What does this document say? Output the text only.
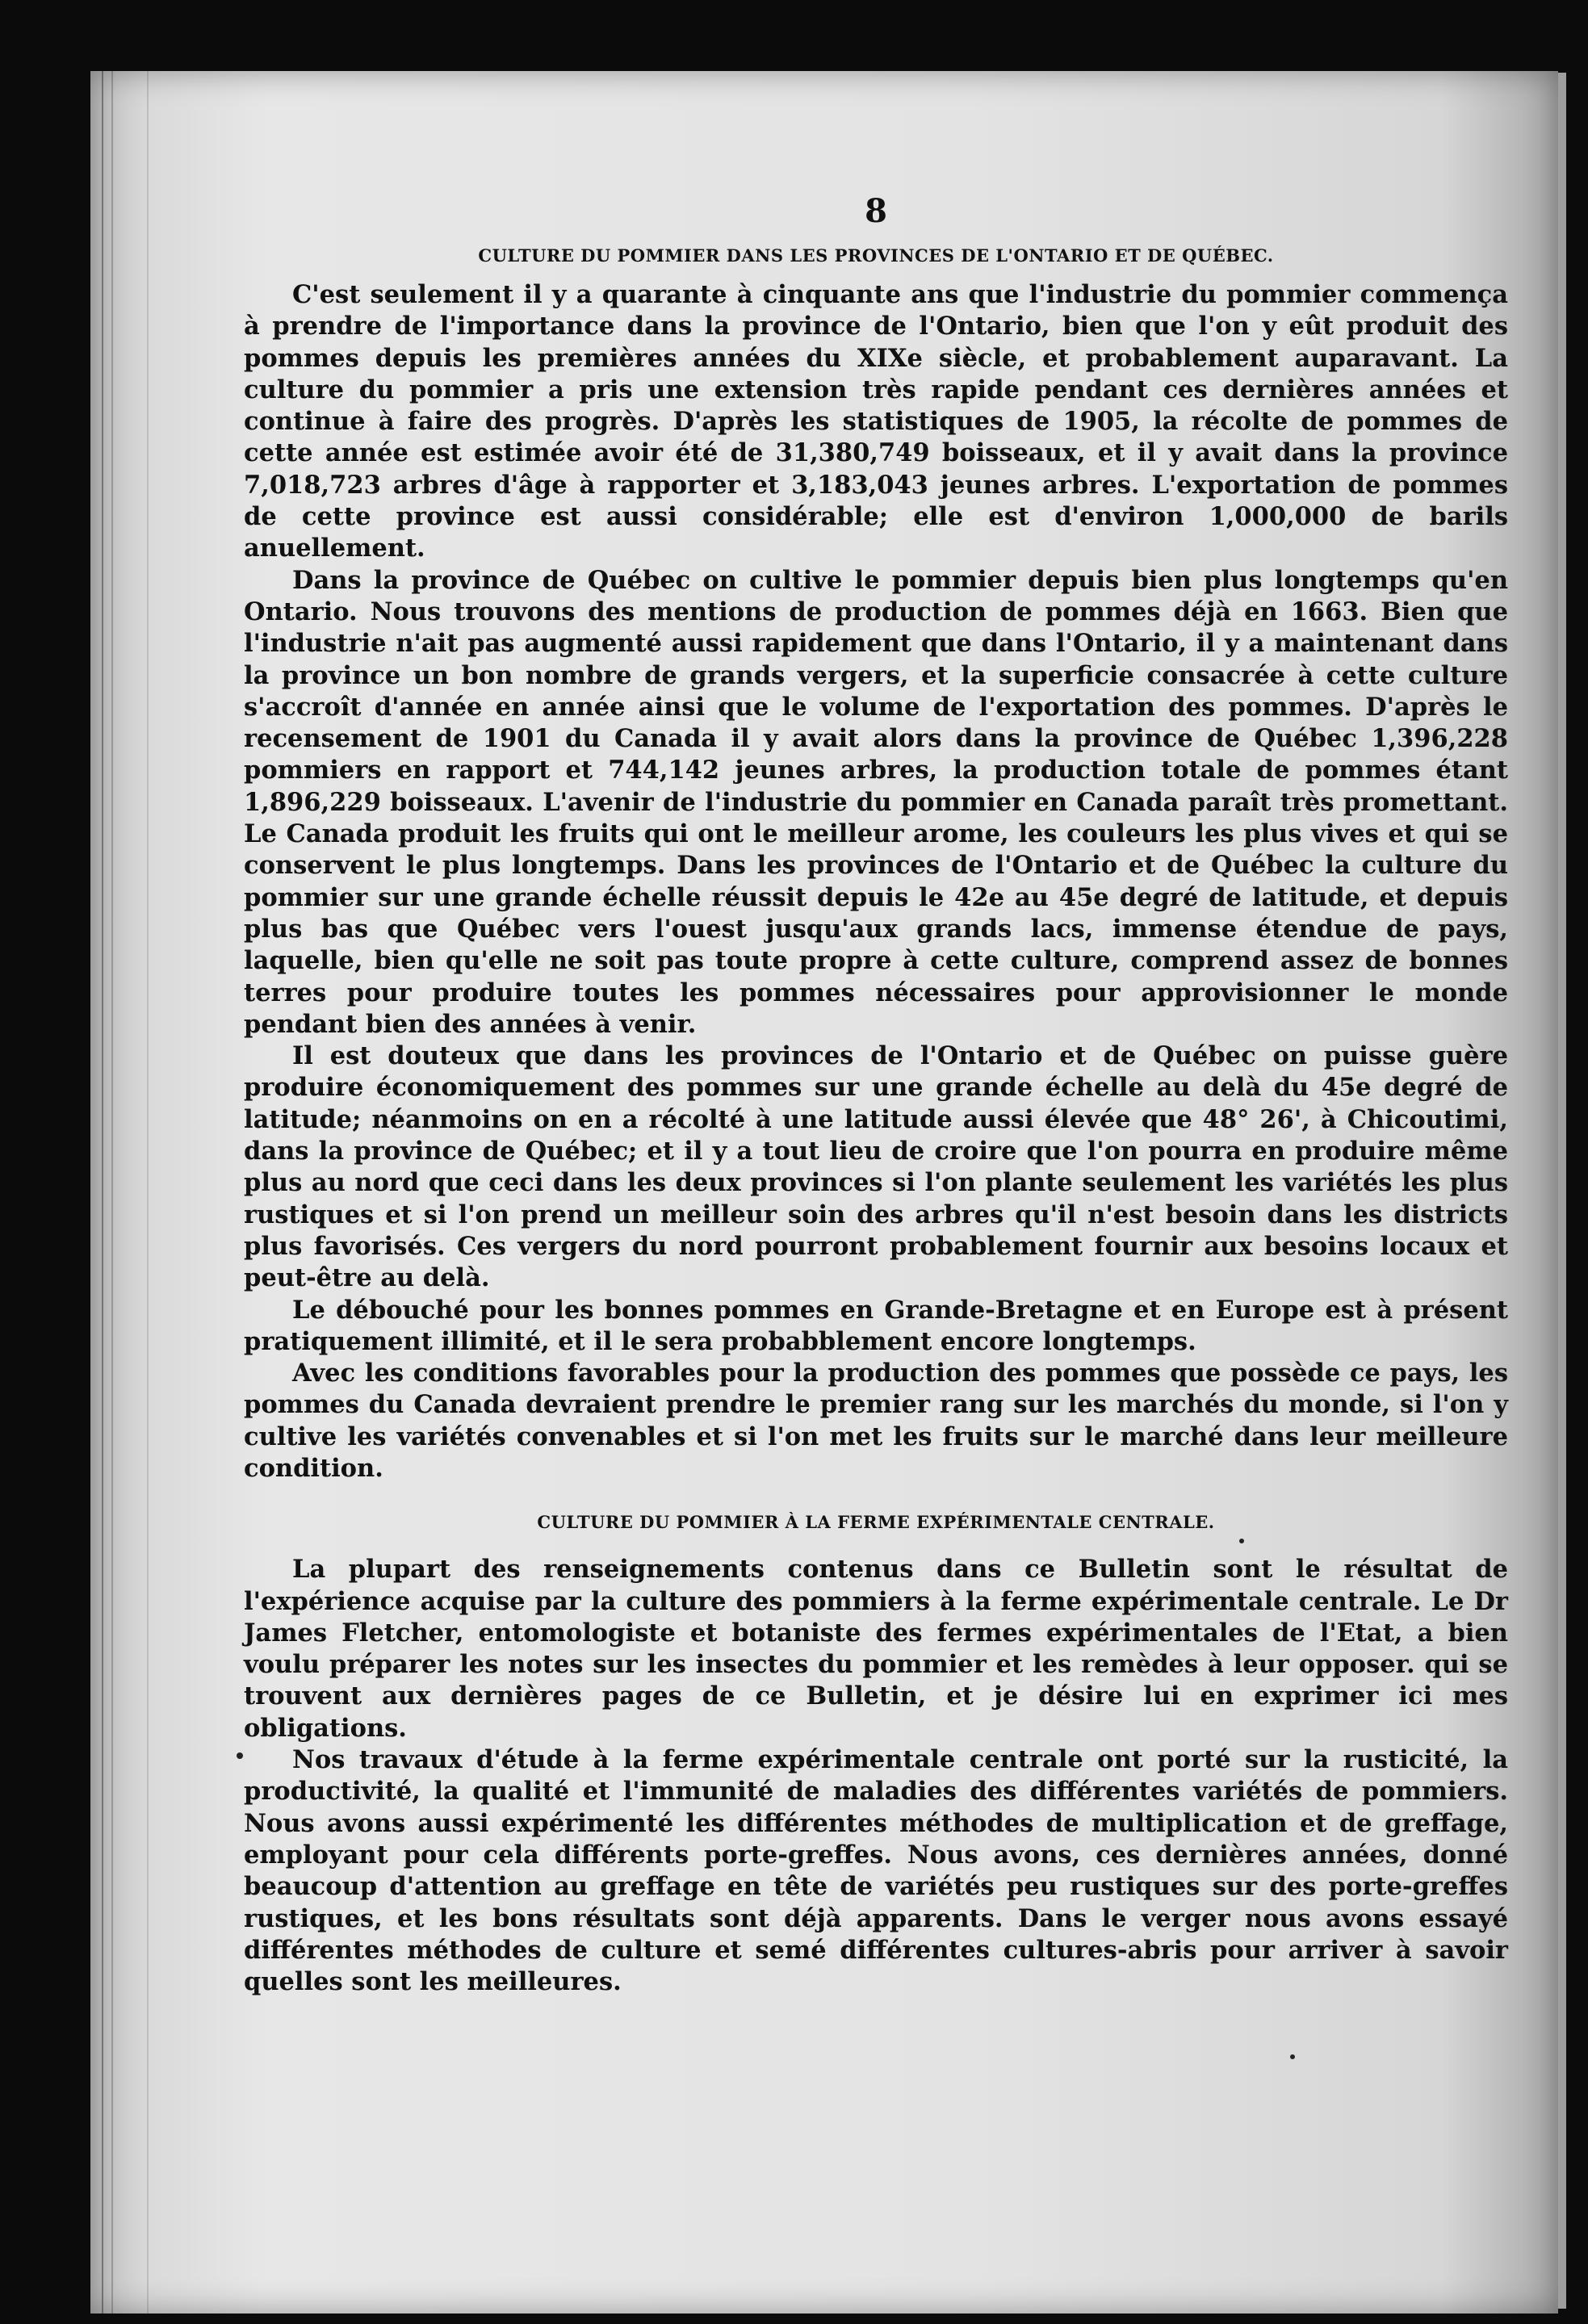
8
CULTURE DU POMMIER DANS LES PROVINCES DE L'ONTARIO ET DE QUÉBEC.

C'est seulement il y a quarante à cinquante ans que l'industrie du pommier commença à prendre de l'importance dans la province de l'Ontario, bien que l'on y eût produit des pommes depuis les premières années du XIXe siècle, et probablement auparavant. La culture du pommier a pris une extension très rapide pendant ces dernières années et continue à faire des progrès. D'après les statistiques de 1905, la récolte de pommes de cette année est estimée avoir été de 31,380,749 boisseaux, et il y avait dans la province 7,018,723 arbres d'âge à rapporter et 3,183,043 jeunes arbres. L'exportation de pommes de cette province est aussi considérable; elle est d'environ 1,000,000 de barils anuellement.

Dans la province de Québec on cultive le pommier depuis bien plus longtemps qu'en Ontario. Nous trouvons des mentions de production de pommes déjà en 1663. Bien que l'industrie n'ait pas augmenté aussi rapidement que dans l'Ontario, il y a maintenant dans la province un bon nombre de grands vergers, et la superficie consacrée à cette culture s'accroît d'année en année ainsi que le volume de l'exportation des pommes. D'après le recensement de 1901 du Canada il y avait alors dans la province de Québec 1,396,228 pommiers en rapport et 744,142 jeunes arbres, la production totale de pommes étant 1,896,229 boisseaux. L'avenir de l'industrie du pommier en Canada paraît très promettant. Le Canada produit les fruits qui ont le meilleur arome, les couleurs les plus vives et qui se conservent le plus longtemps. Dans les provinces de l'Ontario et de Québec la culture du pommier sur une grande échelle réussit depuis le 42e au 45e degré de latitude, et depuis plus bas que Québec vers l'ouest jusqu'aux grands lacs, immense étendue de pays, laquelle, bien qu'elle ne soit pas toute propre à cette culture, comprend assez de bonnes terres pour produire toutes les pommes nécessaires pour approvisionner le monde pendant bien des années à venir.

Il est douteux que dans les provinces de l'Ontario et de Québec on puisse guère produire économiquement des pommes sur une grande échelle au delà du 45e degré de latitude; néanmoins on en a récolté à une latitude aussi élevée que 48° 26', à Chicoutimi, dans la province de Québec; et il y a tout lieu de croire que l'on pourra en produire même plus au nord que ceci dans les deux provinces si l'on plante seulement les variétés les plus rustiques et si l'on prend un meilleur soin des arbres qu'il n'est besoin dans les districts plus favorisés. Ces vergers du nord pourront probablement fournir aux besoins locaux et peut-être au delà.

Le débouché pour les bonnes pommes en Grande-Bretagne et en Europe est à présent pratiquement illimité, et il le sera probabblement encore longtemps.

Avec les conditions favorables pour la production des pommes que possède ce pays, les pommes du Canada devraient prendre le premier rang sur les marchés du monde, si l'on y cultive les variétés convenables et si l'on met les fruits sur le marché dans leur meilleure condition.

CULTURE DU POMMIER À LA FERME EXPÉRIMENTALE CENTRALE.

La plupart des renseignements contenus dans ce Bulletin sont le résultat de l'expérience acquise par la culture des pommiers à la ferme expérimentale centrale. Le Dr James Fletcher, entomologiste et botaniste des fermes expérimentales de l'Etat, a bien voulu préparer les notes sur les insectes du pommier et les remèdes à leur opposer. qui se trouvent aux dernières pages de ce Bulletin, et je désire lui en exprimer ici mes obligations.

Nos travaux d'étude à la ferme expérimentale centrale ont porté sur la rusticité, la productivité, la qualité et l'immunité de maladies des différentes variétés de pommiers. Nous avons aussi expérimenté les différentes méthodes de multiplication et de greffage, employant pour cela différents porte-greffes. Nous avons, ces dernières années, donné beaucoup d'attention au greffage en tête de variétés peu rustiques sur des porte-greffes rustiques, et les bons résultats sont déjà apparents. Dans le verger nous avons essayé différentes méthodes de culture et semé différentes cultures-abris pour arriver à savoir quelles sont les meilleures.
